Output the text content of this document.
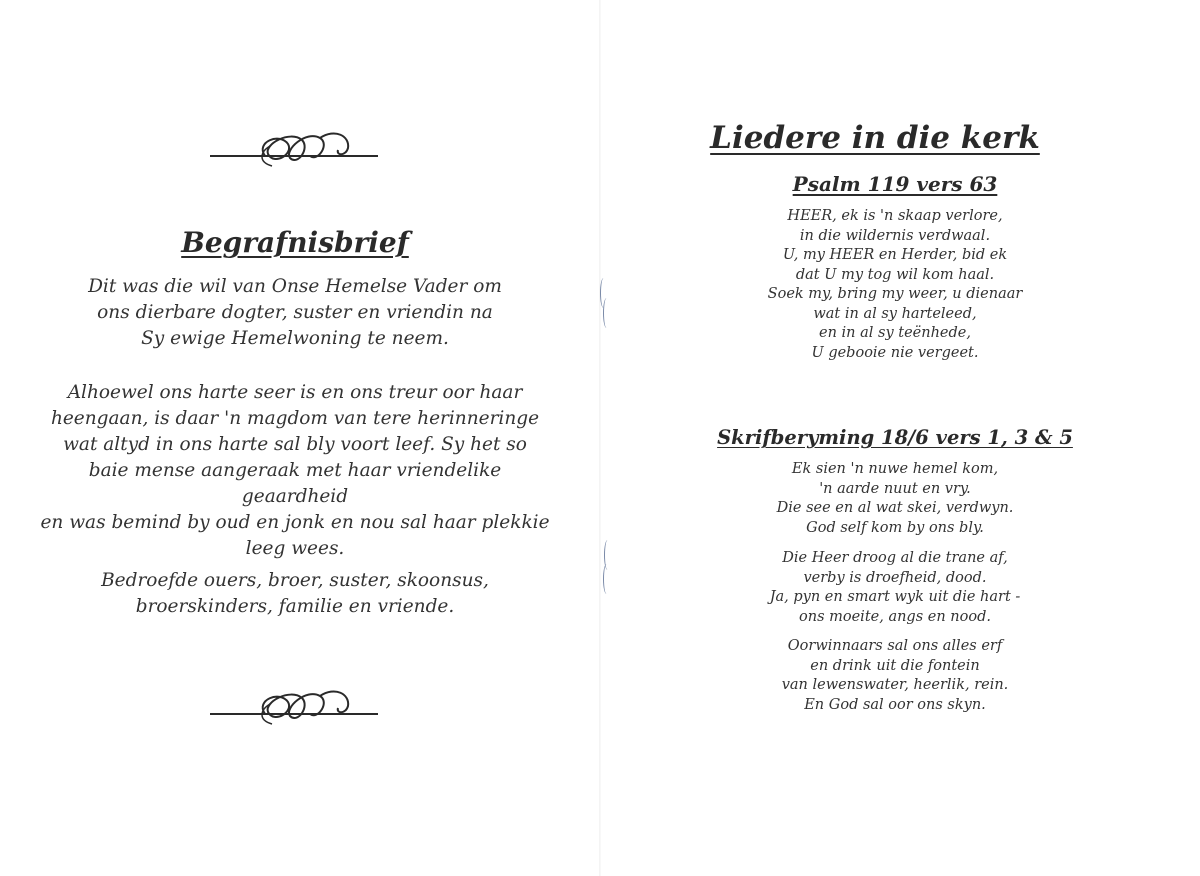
Begrafnisbrief
Dit was die wil van Onse Hemelse Vader om
ons dierbare dogter, suster en vriendin na
Sy ewige Hemelwoning te neem.
Alhoewel ons harte seer is en ons treur oor haar
heengaan, is daar 'n magdom van tere herinneringe
wat altyd in ons harte sal bly voort leef. Sy het so
baie mense aangeraak met haar vriendelike geaardheid
en was bemind by oud en jonk en nou sal haar plekkie
leeg wees.
Bedroefde ouers, broer, suster, skoonsus,
broerskinders, familie en vriende.
Liedere in die kerk
Psalm 119 vers 63
HEER, ek is 'n skaap verlore,
in die wildernis verdwaal.
U, my HEER en Herder, bid ek
dat U my tog wil kom haal.
Soek my, bring my weer, u dienaar
wat in al sy harteleed,
en in al sy teënhede,
U gebooie nie vergeet.
Skrifberyming 18/6 vers 1, 3 & 5
Ek sien 'n nuwe hemel kom,
'n aarde nuut en vry.
Die see en al wat skei, verdwyn.
God self kom by ons bly.
Die Heer droog al die trane af,
verby is droefheid, dood.
Ja, pyn en smart wyk uit die hart -
ons moeite, angs en nood.
Oorwinnaars sal ons alles erf
en drink uit die fontein
van lewenswater, heerlik, rein.
En God sal oor ons skyn.
